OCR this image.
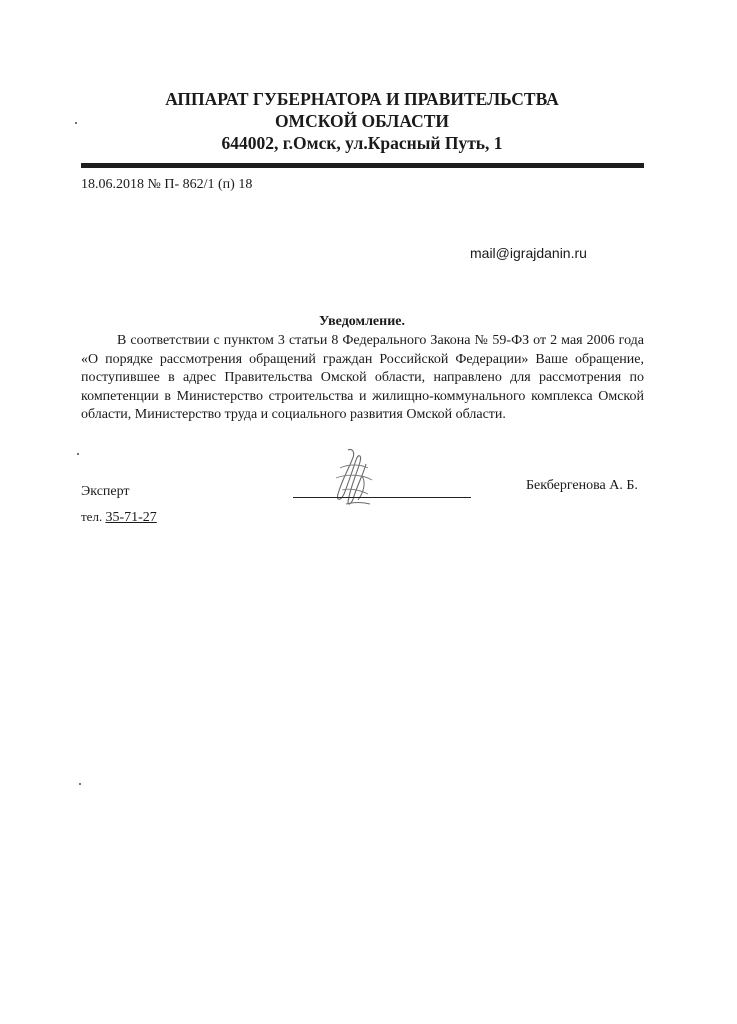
АППАРАТ ГУБЕРНАТОРА И ПРАВИТЕЛЬСТВА
ОМСКОЙ ОБЛАСТИ
644002, г.Омск, ул.Красный Путь, 1
18.06.2018 № П- 862/1 (п) 18
mail@igrajdanin.ru
Уведомление.

В соответствии с пунктом 3 статьи 8 Федерального Закона № 59-ФЗ от 2 мая 2006 года «О порядке рассмотрения обращений граждан Российской Федерации» Ваше обращение, поступившее в адрес Правительства Омской области, направлено для рассмотрения по компетенции в Министерство строительства и жилищно-коммунального комплекса Омской области, Министерство труда и социального развития Омской области.

Эксперт
тел. 35-71-27
Бекбергенова А. Б.
